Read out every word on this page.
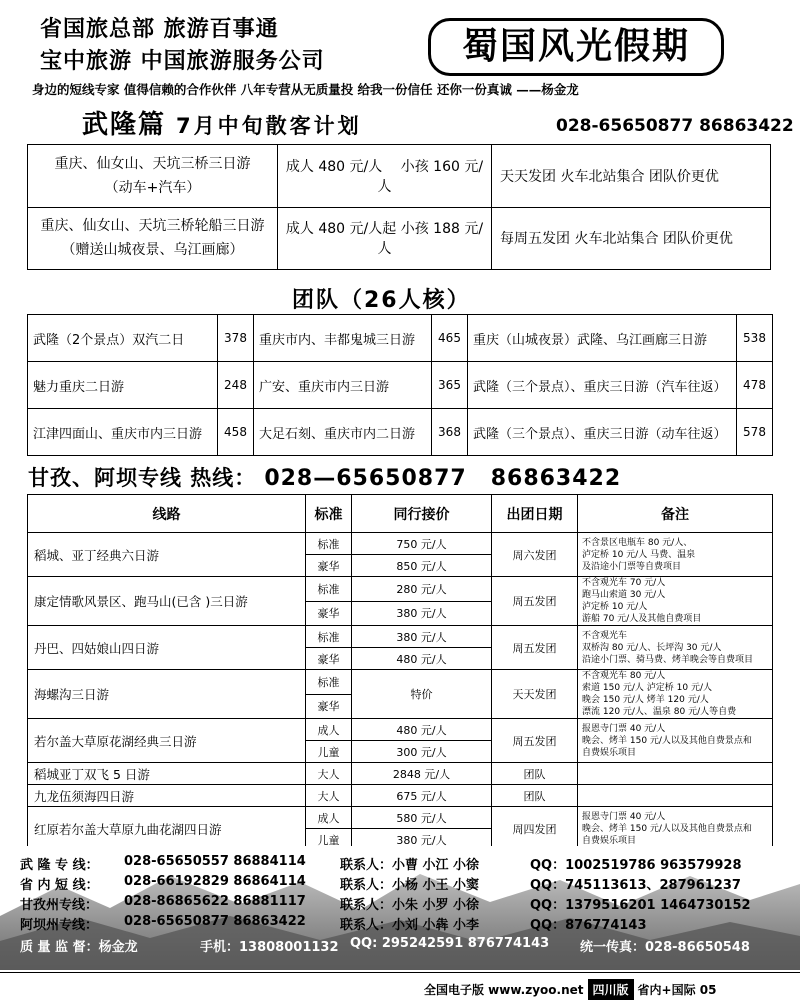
省国旅总部 旅游百事通
宝中旅游 中国旅游服务公司	蜀国风光假期
身边的短线专家 值得信赖的合作伙伴 八年专营从无质量投 给我一份信任 还你一份真诚 ——杨金龙
武隆篇 7月中旬散客计划	028-65650877 86863422
重庆、仙女山、天坑三桥三日游
（动车+汽车）	成人 480 元/人　 小孩 160 元/人	天天发团 火车北站集合 团队价更优

重庆、仙女山、天坑三桥轮船三日游
（赠送山城夜景、乌江画廊）	成人 480 元/人起 小孩 188 元/人	每周五发团 火车北站集合 团队价更优
团队（26人核）
武隆（2个景点）双汽二日	378	重庆市内、丰都鬼城三日游	465	重庆（山城夜景）武隆、乌江画廊三日游	538
魅力重庆二日游	248	广安、重庆市内三日游	365	武隆（三个景点）、重庆三日游（汽车往返）	478
江津四面山、重庆市内三日游	458	大足石刻、重庆市内二日游	368	武隆（三个景点）、重庆三日游（动车往返）	578
甘孜、阿坝专线 热线： 028—65650877 86863422
线路	标准	同行接价	出团日期	备注
稻城、亚丁经典六日游	标准	750 元/人	周六发团	不含景区电瓶车 80 元/人、
泸定桥 10 元/人 马费、温泉
及沿途小门票等自费项目
	豪华	850 元/人		
康定情歌风景区、跑马山(已含 )三日游	标准	280 元/人	周五发团	不含观光车 70 元/人
跑马山索道 30 元/人
泸定桥 10 元/人
游船 70 元/人及其他自费项目
	豪华	380 元/人		
丹巴、四姑娘山四日游	标准	380 元/人	周五发团	不含观光车
双桥沟 80 元/人、长坪沟 30 元/人
沿途小门票、骑马费、烤羊晚会等自费项目
	豪华	480 元/人		
海螺沟三日游	标准	特价	天天发团	不含观光车 80 元/人
索道 150 元/人 泸定桥 10 元/人
晚会 150 元/人 烤羊 120 元/人
漂流 120 元/人、温泉 80 元/人等自费
	豪华			
若尔盖大草原花湖经典三日游	成人	480 元/人	周五发团	报恩寺门票 40 元/人
晚会、烤羊 150 元/人以及其他自费景点和
自费娱乐项目
	儿童	300 元/人		
稻城亚丁双飞 5 日游	大人	2848 元/人	团队	
九龙伍须海四日游	大人	675 元/人	团队	
红原若尔盖大草原九曲花湖四日游	成人	580 元/人	周四发团	报恩寺门票 40 元/人
晚会、烤羊 150 元/人以及其他自费景点和
自费娱乐项目
	儿童	380 元/人		
武 隆 专 线： 028-65650557 86884114	联系人：小曹 小江 小徐	QQ：1002519786 963579928
省 内 短 线： 028-66192829 86864114	联系人：小杨 小王 小窦	QQ：745113613、287961237
甘孜州专线： 028-86865622 86881117	联系人：小朱 小罗 小徐	QQ：1379516201 1464730152
阿坝州专线： 028-65650877 86863422	联系人：小刘 小犇 小李	QQ：876774143
质 量 监 督：杨金龙	手机：13808001132 QQ: 295242591 876774143 统一传真：028-86650548
全国电子版 www.zyoo.net 四川版 省内+国际 05
